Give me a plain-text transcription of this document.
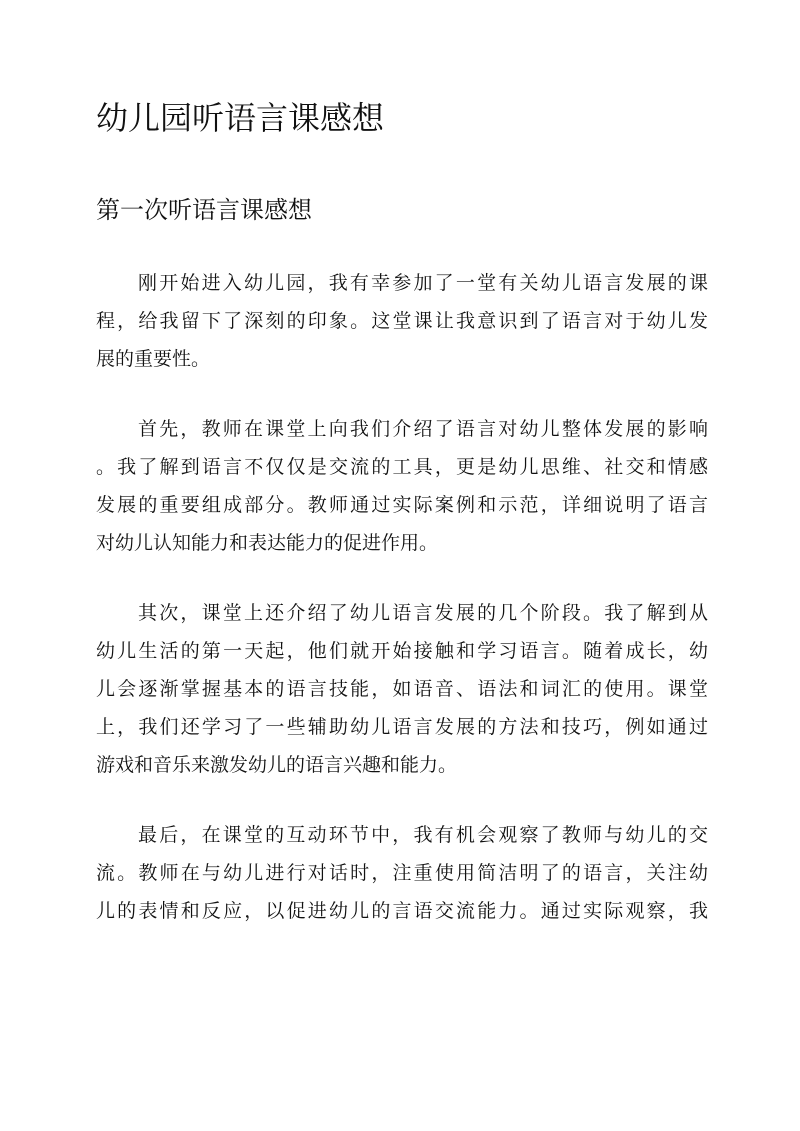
幼儿园听语言课感想
第一次听语言课感想

刚开始进入幼儿园，我有幸参加了一堂有关幼儿语言发展的课
程，给我留下了深刻的印象。这堂课让我意识到了语言对于幼儿发
展的重要性。

首先，教师在课堂上向我们介绍了语言对幼儿整体发展的影响
。我了解到语言不仅仅是交流的工具，更是幼儿思维、社交和情感
发展的重要组成部分。教师通过实际案例和示范，详细说明了语言
对幼儿认知能力和表达能力的促进作用。

其次，课堂上还介绍了幼儿语言发展的几个阶段。我了解到从
幼儿生活的第一天起，他们就开始接触和学习语言。随着成长，幼
儿会逐渐掌握基本的语言技能，如语音、语法和词汇的使用。课堂
上，我们还学习了一些辅助幼儿语言发展的方法和技巧，例如通过
游戏和音乐来激发幼儿的语言兴趣和能力。

最后，在课堂的互动环节中，我有机会观察了教师与幼儿的交
流。教师在与幼儿进行对话时，注重使用简洁明了的语言，关注幼
儿的表情和反应，以促进幼儿的言语交流能力。通过实际观察，我
